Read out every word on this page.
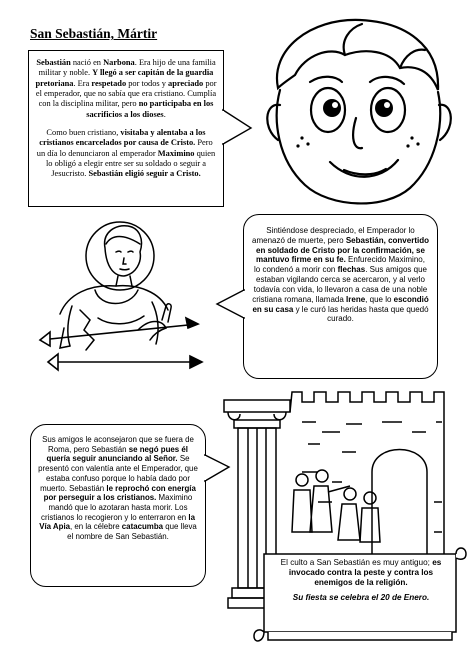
San Sebastián, Mártir

Sebastián nació en Narbona. Era hijo de una familia militar y noble. Y llegó a ser capitán de la guardia pretoriana. Era respetado por todos y apreciado por el emperador, que no sabía que era cristiano. Cumplía con la disciplina militar, pero no participaba en los sacrificios a los dioses.

Como buen cristiano, visitaba y alentaba a los cristianos encarcelados por causa de Cristo. Pero un día lo denunciaron al emperador Maximino quien lo obligó a elegir entre ser su soldado o seguir a Jesucristo. Sebastián eligió seguir a Cristo.

Sintiéndose despreciado, el Emperador lo amenazó de muerte, pero Sebastián, convertido en soldado de Cristo por la confirmación, se mantuvo firme en su fe. Enfurecido Maximino, lo condenó a morir con flechas. Sus amigos que estaban vigilando cerca se acercaron, y al verlo todavía con vida, lo llevaron a casa de una noble cristiana romana, llamada Irene, que lo escondió en su casa y le curó las heridas hasta que quedó curado.
Sus amigos le aconsejaron que se fuera de Roma, pero Sebastián se negó pues él quería seguir anunciando al Señor. Se presentó con valentía ante el Emperador, que estaba confuso porque lo había dado por muerto. Sebastián le reprochó con energía por perseguir a los cristianos. Maximino mandó que lo azotaran hasta morir. Los cristianos lo recogieron y lo enterraron en la Vía Apia, en la célebre catacumba que lleva el nombre de San Sebastián.
El culto a San Sebastián es muy antiguo; es invocado contra la peste y contra los enemigos de la religión.
Su fiesta se celebra el 20 de Enero.
